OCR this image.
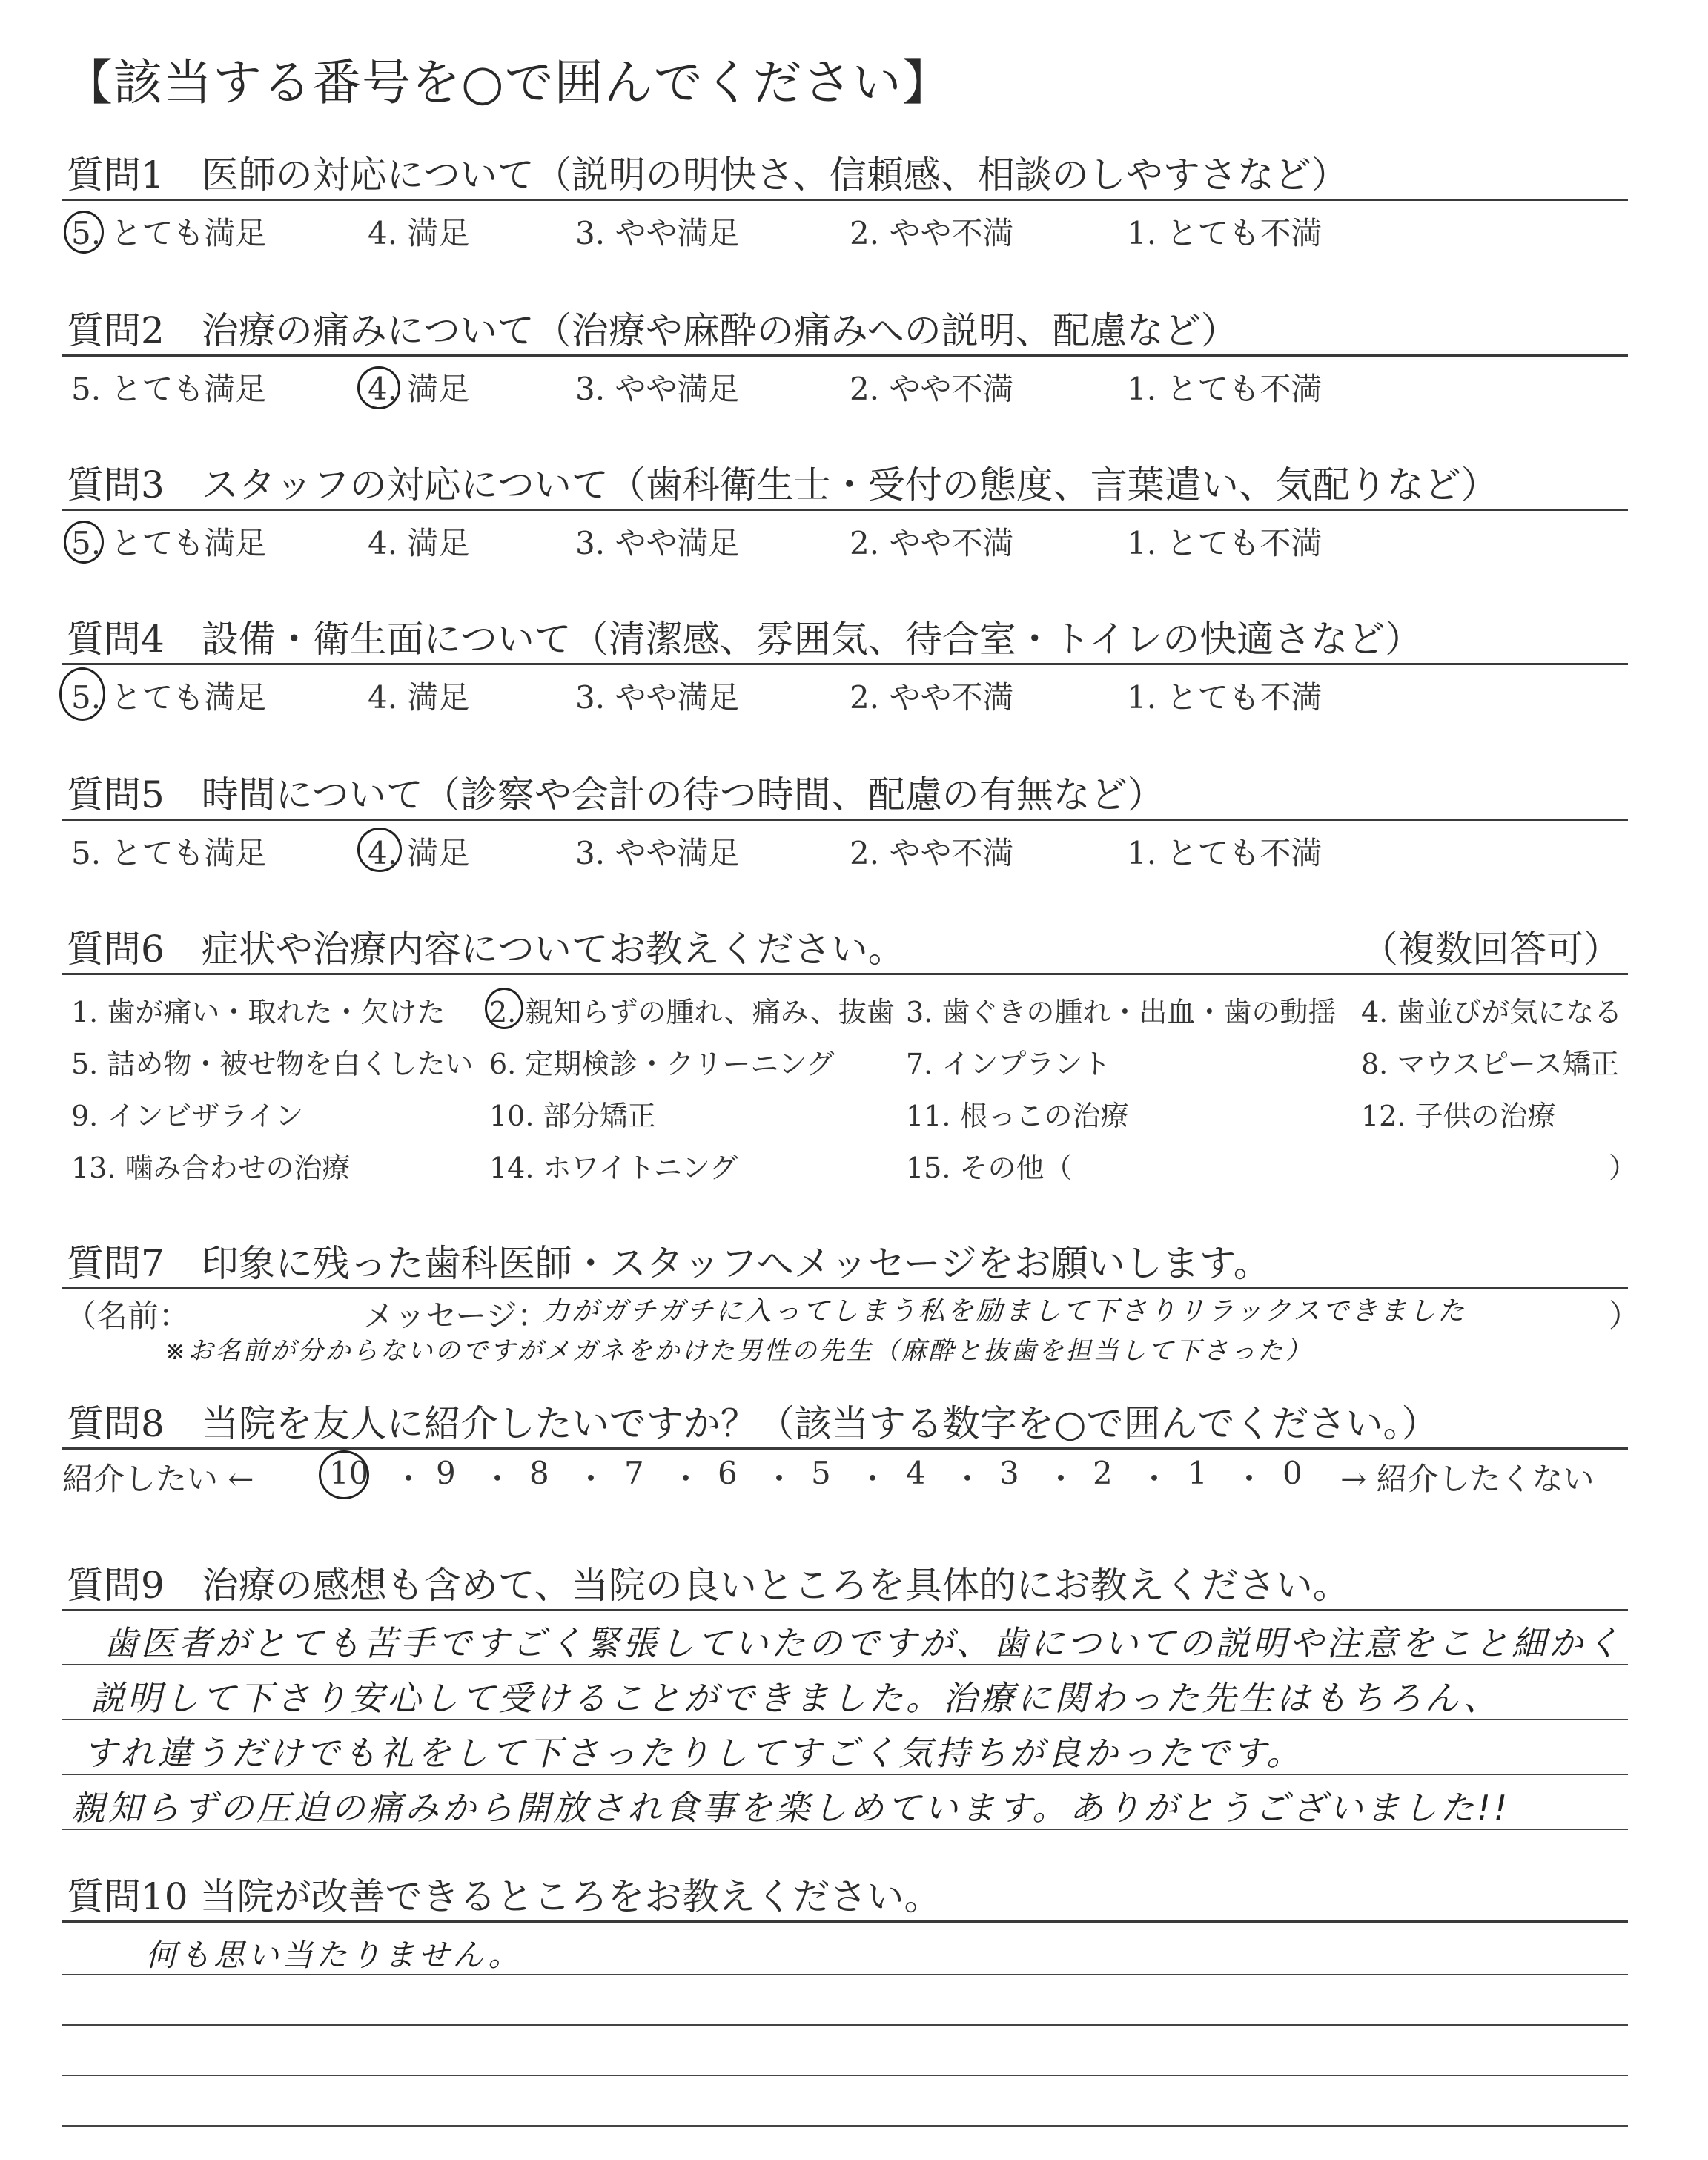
【該当する番号を○で囲んでください】
質問1　医師の対応について（説明の明快さ、信頼感、相談のしやすさなど）
5. とても満足	4. 満足	3. やや満足	2. やや不満	1. とても不満
質問2　治療の痛みについて（治療や麻酔の痛みへの説明、配慮など）
5. とても満足	4. 満足	3. やや満足	2. やや不満	1. とても不満
質問3　スタッフの対応について（歯科衛生士・受付の態度、言葉遣い、気配りなど）
5. とても満足	4. 満足	3. やや満足	2. やや不満	1. とても不満
質問4　設備・衛生面について（清潔感、雰囲気、待合室・トイレの快適さなど）
5. とても満足	4. 満足	3. やや満足	2. やや不満	1. とても不満
質問5　時間について（診察や会計の待つ時間、配慮の有無など）
5. とても満足	4. 満足	3. やや満足	2. やや不満	1. とても不満
質問6　症状や治療内容についてお教えください。	（複数回答可）
1. 歯が痛い・取れた・欠けた 2. 親知らずの腫れ、痛み、抜歯 3. 歯ぐきの腫れ・出血・歯の動揺 4. 歯並びが気になる
5. 詰め物・被せ物を白くしたい 6. 定期検診・クリーニング	7. インプラント	8. マウスピース矯正
9. インビザライン	10. 部分矯正	11. 根っこの治療	12. 子供の治療
13. 噛み合わせの治療	14. ホワイトニング	15. その他（	）
質問7　印象に残った歯科医師・スタッフへメッセージをお願いします。
（名前：	メッセージ：
力がガチガチに入ってしまう私を励まして下さりリラックスできました	）
※お名前が分からないのですがメガネをかけた男性の先生（麻酔と抜歯を担当して下さった）
質問8　当院を友人に紹介したいですか？（該当する数字を○で囲んでください。）
紹介したい ← 10 ・ 9 ・ 8 ・ 7 ・ 6 ・ 5 ・ 4 ・ 3 ・ 2 ・ 1 ・ 0 → 紹介したくない
質問9　治療の感想も含めて、当院の良いところを具体的にお教えください。
歯医者がとても苦手ですごく緊張していたのですが、歯についての説明や注意をこと細かく
説明して下さり安心して受けることができました。治療に関わった先生はもちろん、
すれ違うだけでも礼をして下さったりしてすごく気持ちが良かったです。
親知らずの圧迫の痛みから開放され食事を楽しめています。ありがとうございました!!
質問10 当院が改善できるところをお教えください。
何も思い当たりません。
